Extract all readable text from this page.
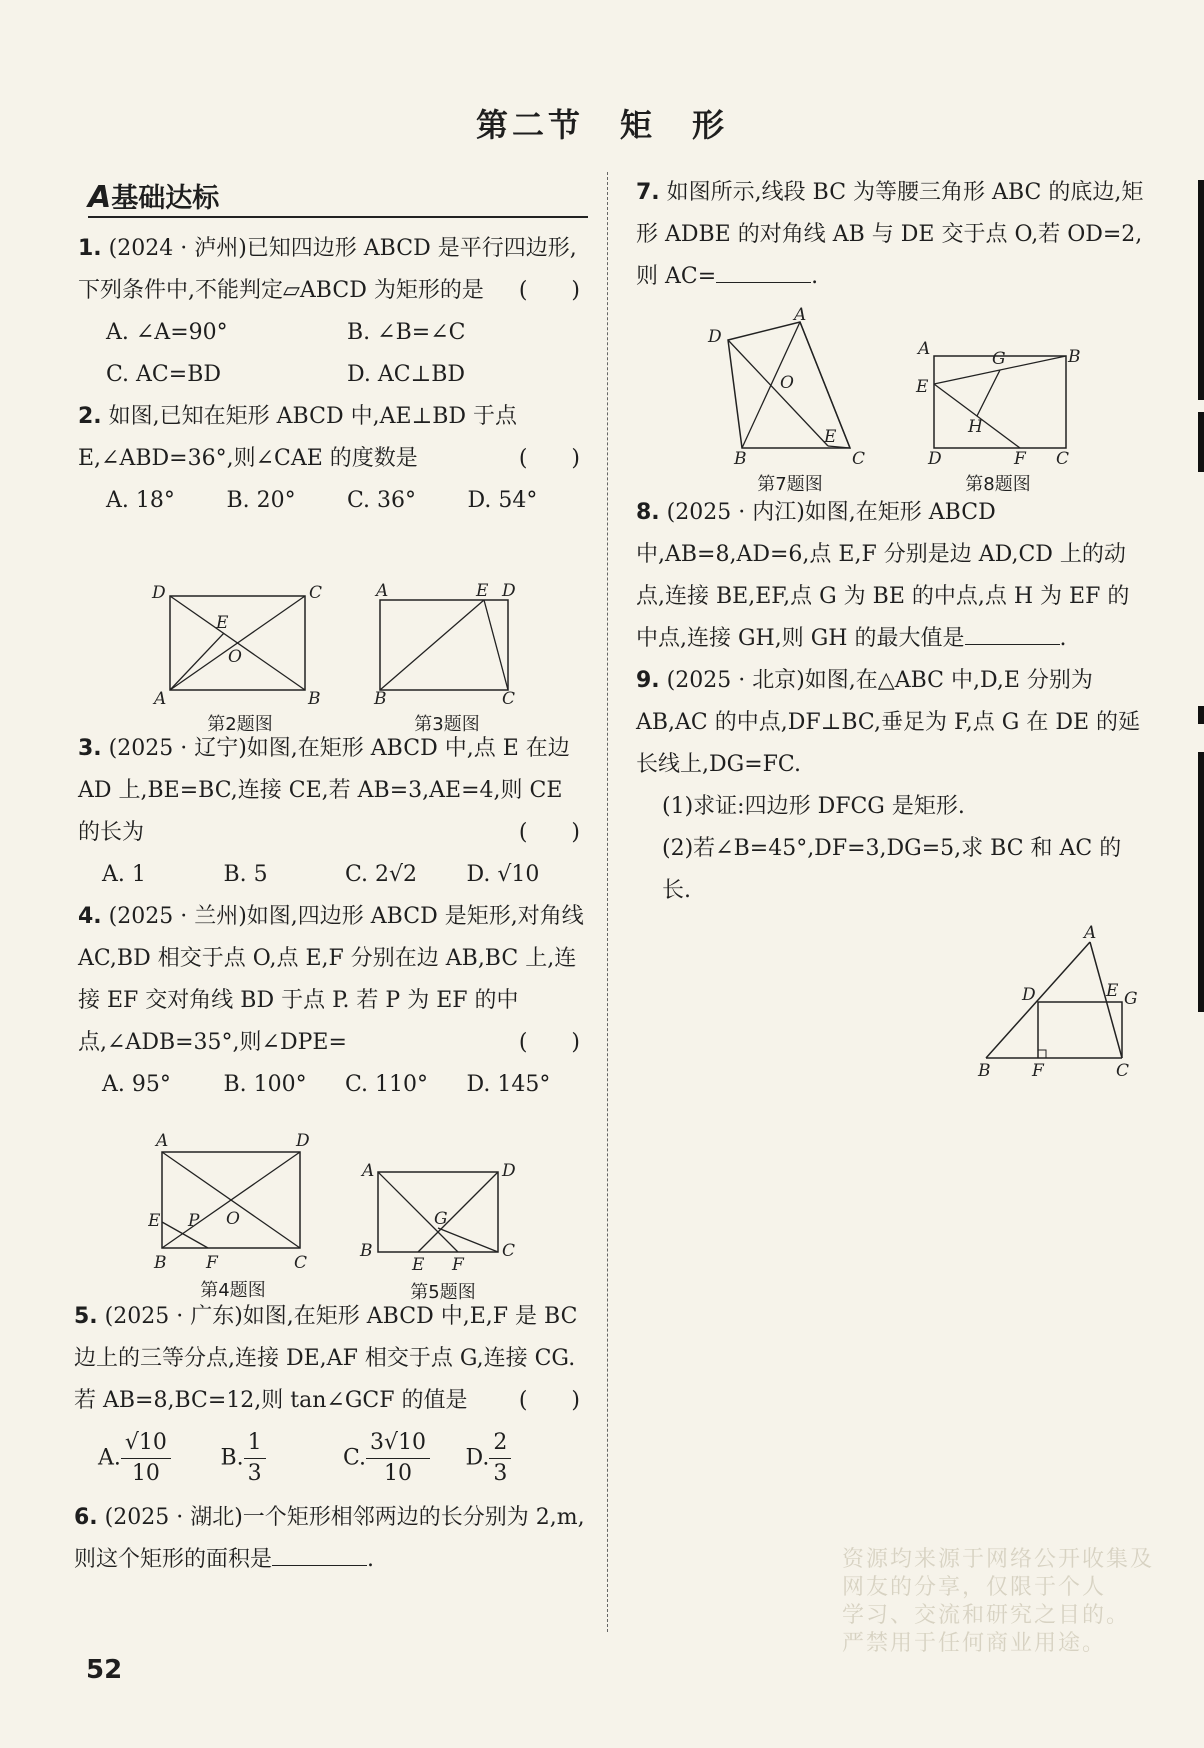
第二节　矩　形
A基础达标
1. (2024 · 泸州)已知四边形 ABCD 是平行四边形,下列条件中,不能判定▱ABCD 为矩形的是 (　　)
A. ∠A=90°	B. ∠B=∠C
C. AC=BD	D. AC⊥BD
2. 如图,已知在矩形 ABCD 中,AE⊥BD 于点 E,∠ABD=36°,则∠CAE 的度数是	(　　)
A. 18°	B. 20°	C. 36°	D. 54°
D	C
E
O
A	B
第2题图
A	E D
B	C
第3题图
3. (2025 · 辽宁)如图,在矩形 ABCD 中,点 E 在边 AD 上,BE=BC,连接 CE,若 AB=3,AE=4,则 CE 的长为	(　　)
A. 1	B. 5	C. 2√2	D. √10
4. (2025 · 兰州)如图,四边形 ABCD 是矩形,对角线 AC,BD 相交于点 O,点 E,F 分别在边 AB,BC 上,连接 EF 交对角线 BD 于点 P. 若 P 为 EF 的中点,∠ADB=35°,则∠DPE=	(　　)
A. 95°	B. 100°	C. 110°	D. 145°
A	D
E P O
B F	C
第4题图
A	D
G
B
E F
C
第5题图
5. (2025 · 广东)如图,在矩形 ABCD 中,E,F 是 BC 边上的三等分点,连接 DE,AF 相交于点 G,连接 CG. 若 AB=8,BC=12,则 tan∠GCF 的值是 (　　)
A. $\frac{√10}{10} B$. $\frac{1}{3}$	C. $\frac{3√10}{10} D$. $\frac{2}{3}$
6. (2025 · 湖北)一个矩形相邻两边的长分别为 2,m,则这个矩形的面积是	.
7. 如图所示,线段 BC 为等腰三角形 ABC 的底边,矩形 ADBE 的对角线 AB 与 DE 交于点 O,若 OD=2,则 AC=	.
D
A
O
E
B	C
第7题图
A	G	B
E
H
D	F C
第8题图
8. (2025 · 内江)如图,在矩形 ABCD 中,AB=8,AD=6,点 E,F 分别是边 AD,CD 上的动点,连接 BE,EF,点 G 为 BE 的中点,点 H 为 EF 的中点,连接 GH,则 GH 的最大值是	.
9. (2025 · 北京)如图,在△ABC 中,D,E 分别为 AB,AC 的中点,DF⊥BC,垂足为 F,点 G 在 DE 的延长线上,DG=FC.
(1)求证:四边形 DFCG 是矩形.
(2)若∠B=45°,DF=3,DG=5,求 BC 和 AC 的长.
A
D	E G
B F	C
52
资源均来源于网络公开收集及
网友的分享，仅限于个人
学习、交流和研究之目的。
严禁用于任何商业用途。
